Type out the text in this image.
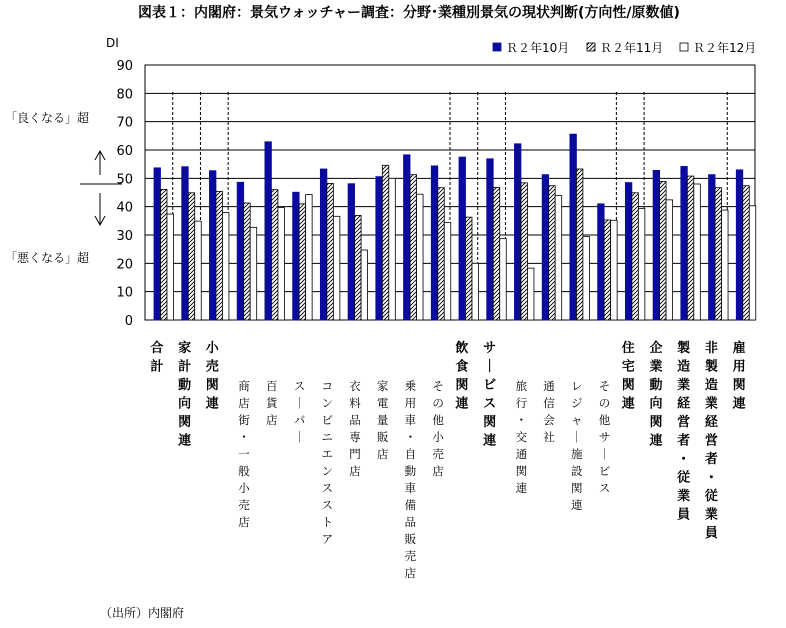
図表１：内閣府：景気ウォッチャー調査：分野･業種別景気の現状判断(方向性/原数値)
DI
0
10
20
30
40
50
60
70
80
90
合計
家計動向関連
小売関連
商店街・一般小売店
百貨店
ス｜パ｜
コンビニエンスストア
衣料品専門店
家電量販店
乗用車・自動車備品販売店
その他小売店
飲食関連
サ｜ビス関連
旅行・交通関連
通信会社
レジャ｜施設関連
その他サ｜ビス
住宅関連
企業動向関連
製造業経営者・従業員
非製造業経営者・従業員
雇用関連
Ｒ２年10月	Ｒ２年11月 Ｒ２年12月
「良くなる」超
「悪くなる」超
（出所）内閣府
